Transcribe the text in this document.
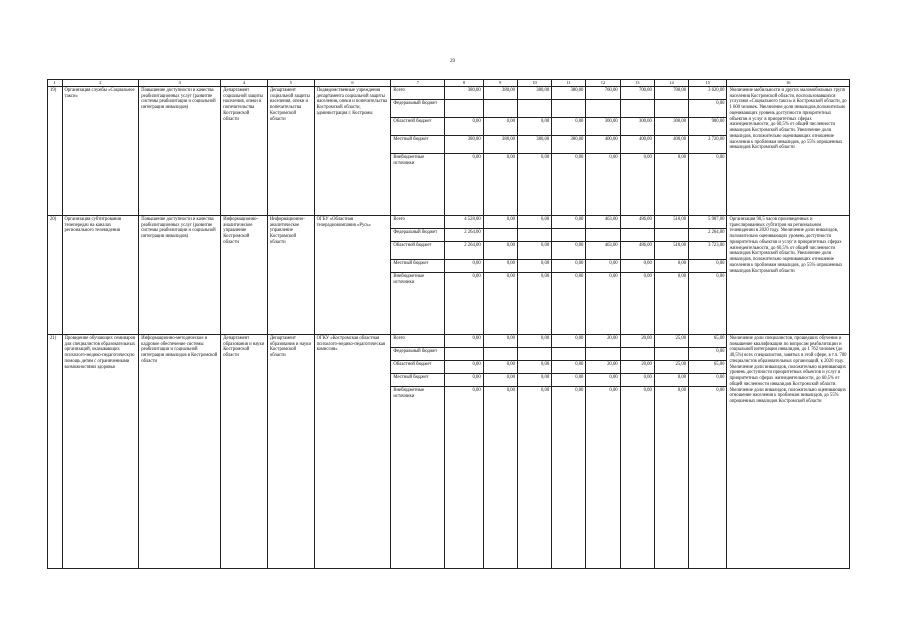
29
1	2	3	4	5	6	7	8	9	10	11	12	13	14	15	16
19)	Организация службы «Социальное такси»	Повышение доступности и качества реабилитационных услуг (развитие системы реабилитации и социальной интеграции инвалидов)	Департамент социальной защиты населения, опеки и попечительства Костромской области	Департамент социальной защиты населения, опеки и попечительства Костромской области	Подведомственные учреждения департамента социальной защиты населения, опеки и попечительства Костромской области, администрация г. Костромы	Всего	380,00	380,00	380,00	380,00	760,00	700,00	700,00	3 620,00	Увеличение мобильности и других маломобильных групп населения Костромской области, воспользовавшихся услугами «Социального такси» в Костромской области, до 1 600 человек. Увеличение доли инвалидов,положительно оценивающих уровень доступности приоритетных объектов и услуг в приоритетных сферах жизнедеятельности, до 60,5% от общей численности инвалидов Костромской области. Увеличение доли инвалидов, положительно оценивающих отношение населения к проблемам инвалидов, до 55% опрошенных инвалидов Костромской области
						Федеральный бюджет								0,00	
						Областной бюджет	0,00	0,00	0,00	0,00	300,00	300,00	300,00	900,00	
						Местный бюджет	380,00	380,00	380,00	380,00	400,00	400,00	400,00	2 720,00	
						Внебюджетные источники	0,00	0,00	0,00	0,00	0,00	0,00	0,00	0,00	
20)	Организация субтитрования телепередач на каналах регионального телевидения	Повышение доступности и качества реабилитационных услуг (развитие системы реабилитации и социальной интеграции инвалидов)	Информационно-аналитическое управление Костромской области	Информационно-аналитическое управление Костромской области	ОГБУ «Областная телерадиокомпания «Русь»	Всего	4 528,00	0,00	0,00	0,00	463,00	486,00	510,00	5 987,00	Организация 90,5 часов произведенных и транслированных субтитров на региональном телевидении в 2020 году. Увеличение доли инвалидов, положительно оценивающих уровень доступности приоритетных объектов и услуг в приоритетных сферах жизнедеятельности, до 60,5% от общей численности инвалидов Костромской области. Увеличение доли инвалидов, положительно оценивающих отношение населения к проблемам инвалидов, до 55% опрошенных инвалидов Костромской области
						Федеральный бюджет	2 264,00							2 264,00	
						Областной бюджет	2 264,00	0,00	0,00	0,00	463,00	486,00	510,00	3 723,00	
						Местный бюджет	0,00	0,00	0,00	0,00	0,00	0,00	0,00	0,00	
						Внебюджетные источники	0,00	0,00	0,00	0,00	0,00	0,00	0,00	0,00	
21)	Проведение обучающих семинаров для специалистов образовательных организаций, оказывающих психолого-медико-педагогическую помощь детям с ограниченными возможностями здоровья	Информационно-методическое и кадровое обеспечение системы реабилитации и социальной интеграции инвалидов в Костромской области	Департамент образования и науки Костромской области	Департамент образования и науки Костромской области	ОГКУ «Костромская областная психолого-медико-педагогическая комиссия»	Всего	0,00	0,00	0,00	0,00	20,00	20,00	25,00	65,00	Увеличение доли специалистов, прошедших обучение и повышение квалификации по вопросам реабилитации и социальной интеграции инвалидов, до 1 762 человек (до 40,5%) всех специалистов, занятых в этой сфере, в т.ч. 700 специалистов образовательных организаций, к 2020 году. Увеличение доли инвалидов, положительно оценивающих уровень доступности приоритетных объектов и услуг в приоритетных сферах жизнедеятельности, до 60,5% от общей численности инвалидов Костромской области. Увеличение доли инвалидов, положительно оценивающих отношение населения к проблемам инвалидов, до 55% опрошенных инвалидов Костромской области
						Федеральный бюджет								0,00	
						Областной бюджет	0,00	0,00	0,00	0,00	20,00	20,00	25,00	65,00	
						Местный бюджет	0,00	0,00	0,00	0,00	0,00	0,00	0,00	0,00	
						Внебюджетные источники	0,00	0,00	0,00	0,00	0,00	0,00	0,00	0,00	
